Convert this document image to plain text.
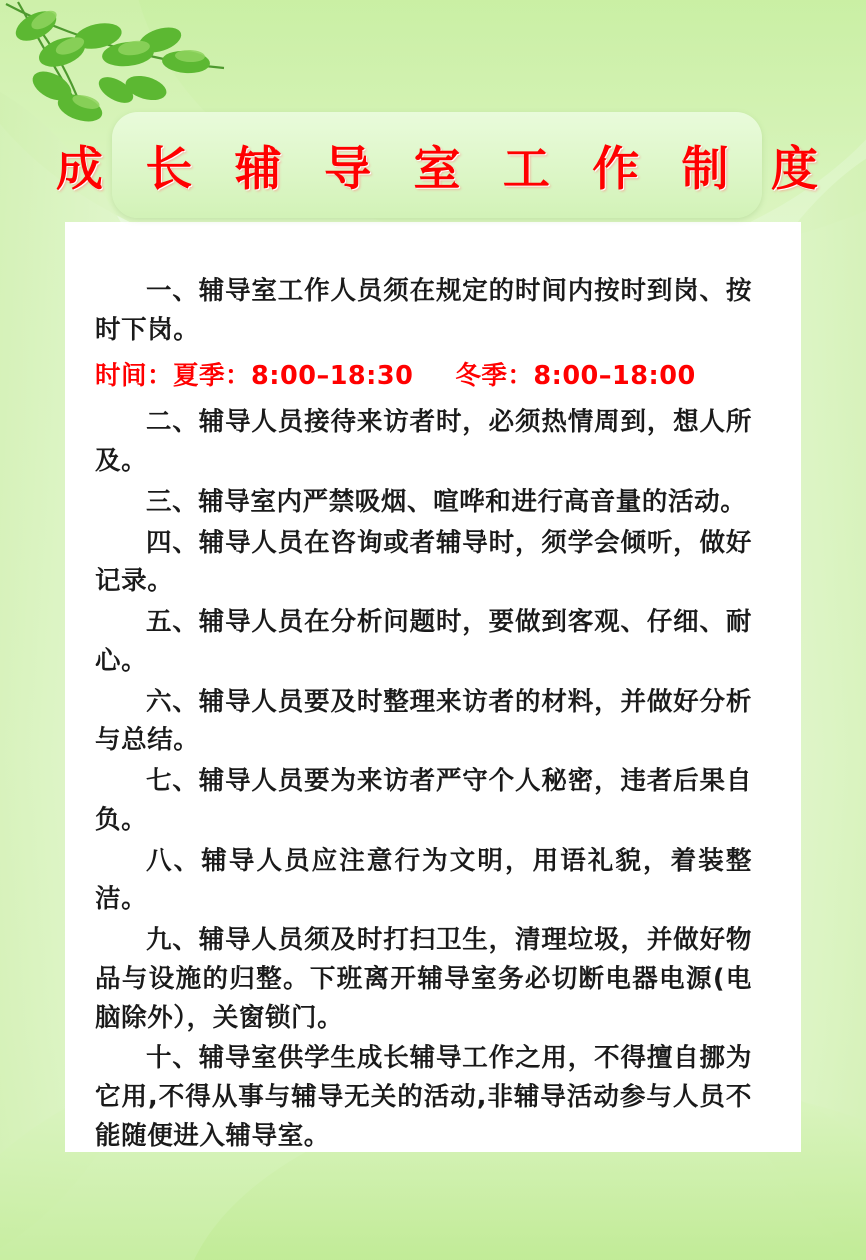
成 长 辅 导 室 工 作 制 度

一、辅导室工作人员须在规定的时间内按时到岗、按时下岗。

时间：夏季：8:00–18:30 冬季：8:00–18:00

二、辅导人员接待来访者时，必须热情周到，想人所及。

三、辅导室内严禁吸烟、喧哗和进行高音量的活动。

四、辅导人员在咨询或者辅导时，须学会倾听，做好记录。

五、辅导人员在分析问题时，要做到客观、仔细、耐心。

六、辅导人员要及时整理来访者的材料，并做好分析与总结。

七、辅导人员要为来访者严守个人秘密，违者后果自负。

八、辅导人员应注意行为文明，用语礼貌，着装整洁。

九、辅导人员须及时打扫卫生，清理垃圾，并做好物品与设施的归整。下班离开辅导室务必切断电器电源(电脑除外），关窗锁门。

十、辅导室供学生成长辅导工作之用，不得擅自挪为它用,不得从事与辅导无关的活动,非辅导活动参与人员不能随便进入辅导室。
